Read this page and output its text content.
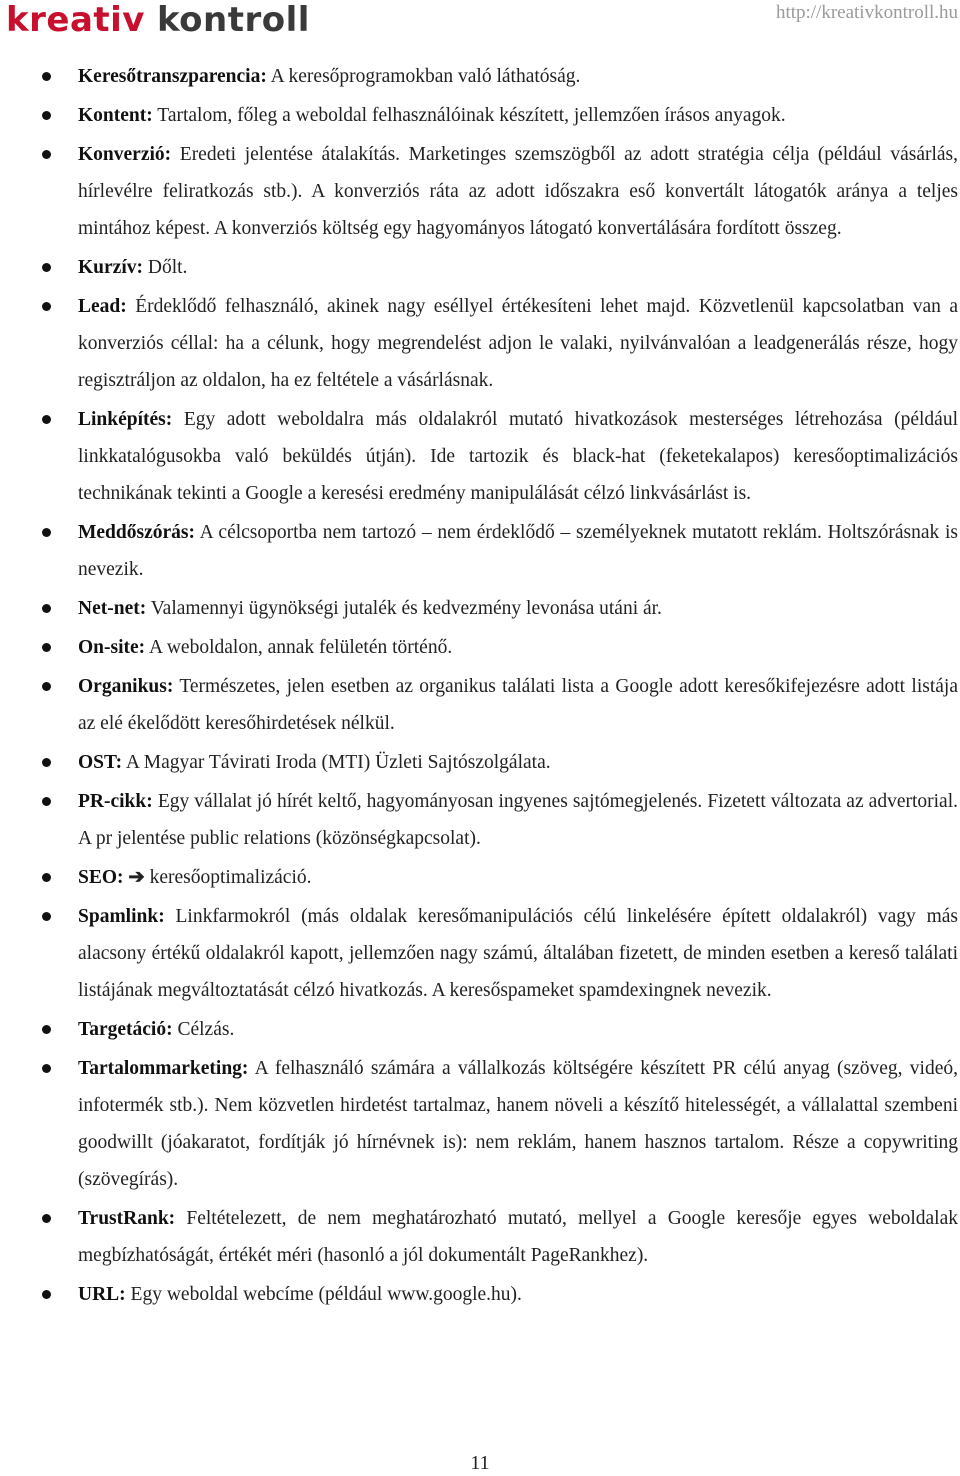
kreativ kontroll	http://kreativkontroll.hu
Keresőtranszparencia: A keresőprogramokban való láthatóság.
Kontent: Tartalom, főleg a weboldal felhasználóinak készített, jellemzően írásos anyagok.
Konverzió: Eredeti jelentése átalakítás. Marketinges szemszögből az adott stratégia célja (például vásárlás, hírlevélre feliratkozás stb.). A konverziós ráta az adott időszakra eső konvertált látogatók aránya a teljes mintához képest. A konverziós költség egy hagyományos látogató konvertálására fordított összeg.
Kurzív: Dőlt.
Lead: Érdeklődő felhasználó, akinek nagy eséllyel értékesíteni lehet majd. Közvetlenül kapcsolatban van a konverziós céllal: ha a célunk, hogy megrendelést adjon le valaki, nyilvánvalóan a leadgenerálás része, hogy regisztráljon az oldalon, ha ez feltétele a vásárlásnak.
Linképítés: Egy adott weboldalra más oldalakról mutató hivatkozások mesterséges létrehozása (például linkkatalógusokba való beküldés útján). Ide tartozik és black-hat (feketekalapos) keresőoptimalizációs technikának tekinti a Google a keresési eredmény manipulálását célzó linkvásárlást is.
Meddőszórás: A célcsoportba nem tartozó – nem érdeklődő – személyeknek mutatott reklám. Holtszórásnak is nevezik.
Net-net: Valamennyi ügynökségi jutalék és kedvezmény levonása utáni ár.
On-site: A weboldalon, annak felületén történő.
Organikus: Természetes, jelen esetben az organikus találati lista a Google adott keresőkifejezésre adott listája az elé ékelődött keresőhirdetések nélkül.
OST: A Magyar Távirati Iroda (MTI) Üzleti Sajtószolgálata.
PR-cikk: Egy vállalat jó hírét keltő, hagyományosan ingyenes sajtómegjelenés. Fizetett változata az advertorial. A pr jelentése public relations (közönségkapcsolat).
SEO: ➔ keresőoptimalizáció.
Spamlink: Linkfarmokról (más oldalak keresőmanipulációs célú linkelésére épített oldalakról) vagy más alacsony értékű oldalakról kapott, jellemzően nagy számú, általában fizetett, de minden esetben a kereső találati listájának megváltoztatását célzó hivatkozás. A keresőspameket spamdexingnek nevezik.
Targetáció: Célzás.
Tartalommarketing: A felhasználó számára a vállalkozás költségére készített PR célú anyag (szöveg, videó, infotermék stb.). Nem közvetlen hirdetést tartalmaz, hanem növeli a készítő hitelességét, a vállalattal szembeni goodwillt (jóakaratot, fordítják jó hírnévnek is): nem reklám, hanem hasznos tartalom. Része a copywriting (szövegírás).
TrustRank: Feltételezett, de nem meghatározható mutató, mellyel a Google keresője egyes weboldalak megbízhatóságát, értékét méri (hasonló a jól dokumentált PageRankhez).
URL: Egy weboldal webcíme (például www.google.hu).
11
